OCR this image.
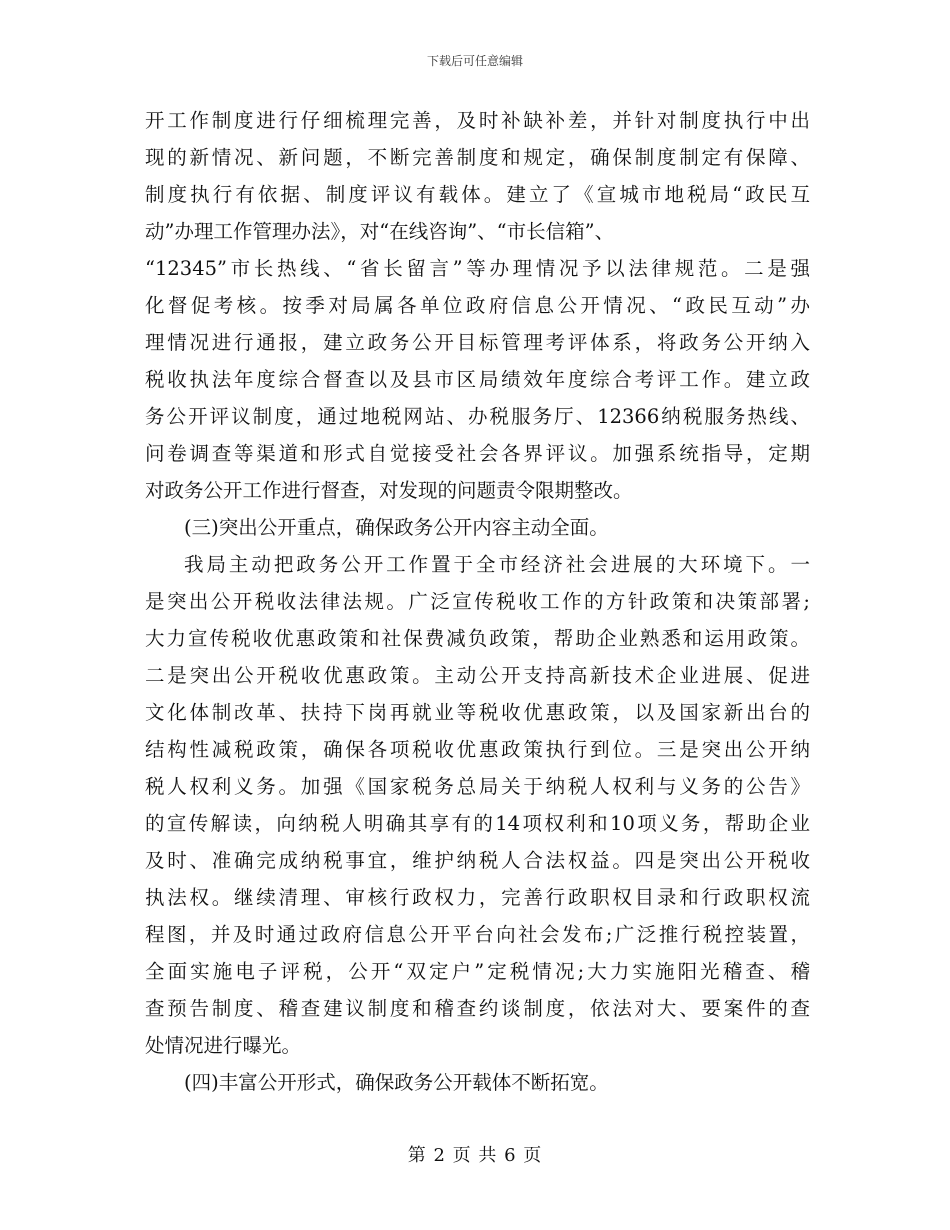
下载后可任意编辑
开工作制度进行仔细梳理完善，及时补缺补差，并针对制度执行中出
现的新情况、新问题，不断完善制度和规定，确保制度制定有保障、
制度执行有依据、制度评议有载体。建立了《宣城市地税局“政民互
动”办理工作管理办法》，对“在线咨询”、“市长信箱”、
“12345”市长热线、“省长留言”等办理情况予以法律规范。二是强
化督促考核。按季对局属各单位政府信息公开情况、“政民互动”办
理情况进行通报，建立政务公开目标管理考评体系，将政务公开纳入
税收执法年度综合督查以及县市区局绩效年度综合考评工作。建立政
务公开评议制度，通过地税网站、办税服务厅、12366纳税服务热线、
问卷调查等渠道和形式自觉接受社会各界评议。加强系统指导，定期
对政务公开工作进行督查，对发现的问题责令限期整改。
(三)突出公开重点，确保政务公开内容主动全面。
我局主动把政务公开工作置于全市经济社会进展的大环境下。一
是突出公开税收法律法规。广泛宣传税收工作的方针政策和决策部署;
大力宣传税收优惠政策和社保费减负政策，帮助企业熟悉和运用政策。
二是突出公开税收优惠政策。主动公开支持高新技术企业进展、促进
文化体制改革、扶持下岗再就业等税收优惠政策，以及国家新出台的
结构性减税政策，确保各项税收优惠政策执行到位。三是突出公开纳
税人权利义务。加强《国家税务总局关于纳税人权利与义务的公告》
的宣传解读，向纳税人明确其享有的14项权利和10项义务，帮助企业
及时、准确完成纳税事宜，维护纳税人合法权益。四是突出公开税收
执法权。继续清理、审核行政权力，完善行政职权目录和行政职权流
程图，并及时通过政府信息公开平台向社会发布;广泛推行税控装置，
全面实施电子评税，公开“双定户”定税情况;大力实施阳光稽查、稽
查预告制度、稽查建议制度和稽查约谈制度，依法对大、要案件的查
处情况进行曝光。
(四)丰富公开形式，确保政务公开载体不断拓宽。
第 2 页 共 6 页
